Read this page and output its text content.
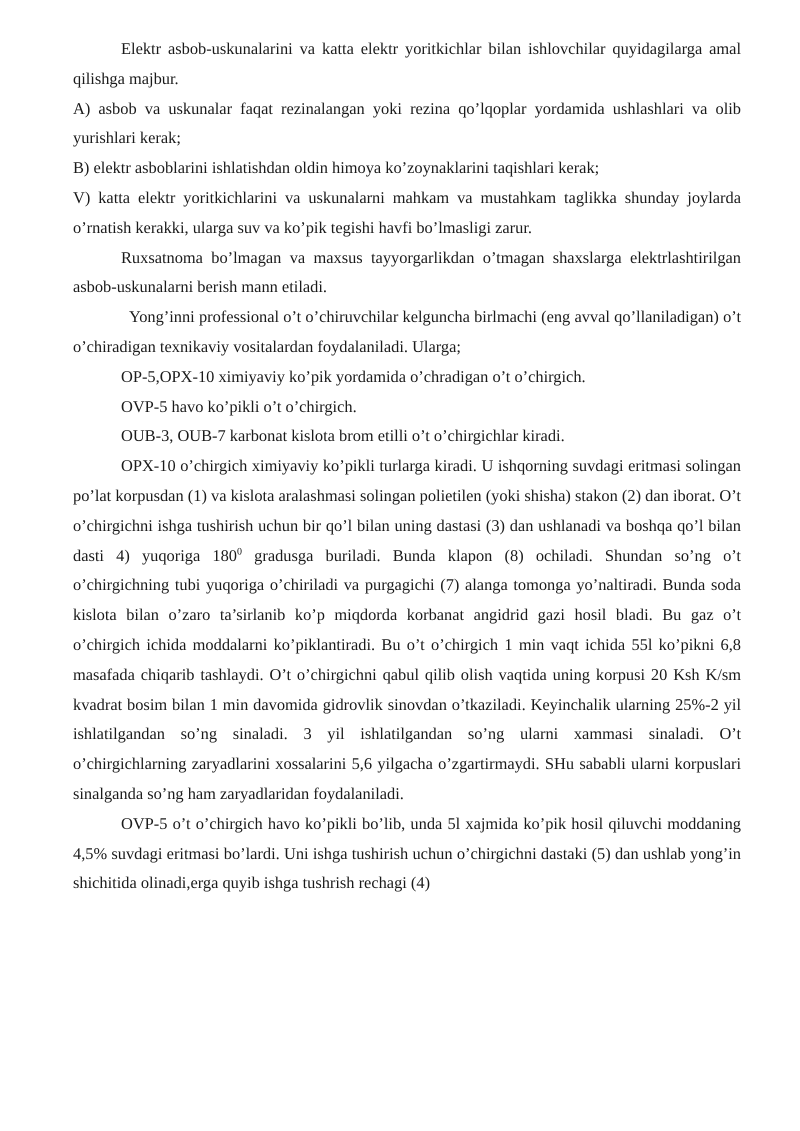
Elektr asbob-uskunalarini va katta elektr yoritkichlar bilan ishlovchilar quyidagilarga amal qilishga majbur.

A) asbob va uskunalar faqat rezinalangan yoki rezina qo’lqoplar yordamida ushlashlari va olib yurishlari kerak;

B) elektr asboblarini ishlatishdan oldin himoya ko’zoynaklarini taqishlari kerak;

V) katta elektr yoritkichlarini va uskunalarni mahkam va mustahkam taglikka shunday joylarda o’rnatish kerakki, ularga suv va ko’pik tegishi havfi bo’lmasligi zarur.

Ruxsatnoma bo’lmagan va maxsus tayyorgarlikdan o’tmagan shaxslarga elektrlashtirilgan asbob-uskunalarni berish mann etiladi.

Yong’inni professional o’t o’chiruvchilar kelguncha birlmachi (eng avval qo’llaniladigan) o’t o’chiradigan texnikaviy vositalardan foydalaniladi. Ularga;

OP-5,OPX-10 ximiyaviy ko’pik yordamida o’chradigan o’t o’chirgich.

OVP-5 havo ko’pikli o’t o’chirgich.

OUB-3, OUB-7 karbonat kislota brom etilli o’t o’chirgichlar kiradi.

OPX-10 o’chirgich ximiyaviy ko’pikli turlarga kiradi. U ishqorning suvdagi eritmasi solingan po’lat korpusdan (1) va kislota aralashmasi solingan polietilen (yoki shisha) stakon (2) dan iborat. O’t o’chirgichni ishga tushirish uchun bir qo’l bilan uning dastasi (3) dan ushlanadi va boshqa qo’l bilan dasti 4) yuqoriga $180^0$ gradusga buriladi. Bunda klapon (8) ochiladi. Shundan so’ng o’t o’chirgichning tubi yuqoriga o’chiriladi va purgagichi (7) alanga tomonga yo’naltiradi. Bunda soda kislota bilan o’zaro ta’sirlanib ko’p miqdorda korbanat angidrid gazi hosil bladi. Bu gaz o’t o’chirgich ichida moddalarni ko’piklantiradi. Bu o’t o’chirgich 1 min vaqt ichida 55l ko’pikni 6,8 masafada chiqarib tashlaydi. O’t o’chirgichni qabul qilib olish vaqtida uning korpusi 20 Ksh K/sm kvadrat bosim bilan 1 min davomida gidrovlik sinovdan o’tkaziladi. Keyinchalik ularning 25%-2 yil ishlatilgandan so’ng sinaladi. 3 yil ishlatilgandan so’ng ularni xammasi sinaladi. O’t o’chirgichlarning zaryadlarini xossalarini 5,6 yilgacha o’zgartirmaydi. SHu sababli ularni korpuslari sinalganda so’ng ham zaryadlaridan foydalaniladi.

OVP-5 o’t o’chirgich havo ko’pikli bo’lib, unda 5l xajmida ko’pik hosil qiluvchi moddaning 4,5% suvdagi eritmasi bo’lardi. Uni ishga tushirish uchun o’chirgichni dastaki (5) dan ushlab yong’in shichitida olinadi,erga quyib ishga tushrish rechagi (4)
